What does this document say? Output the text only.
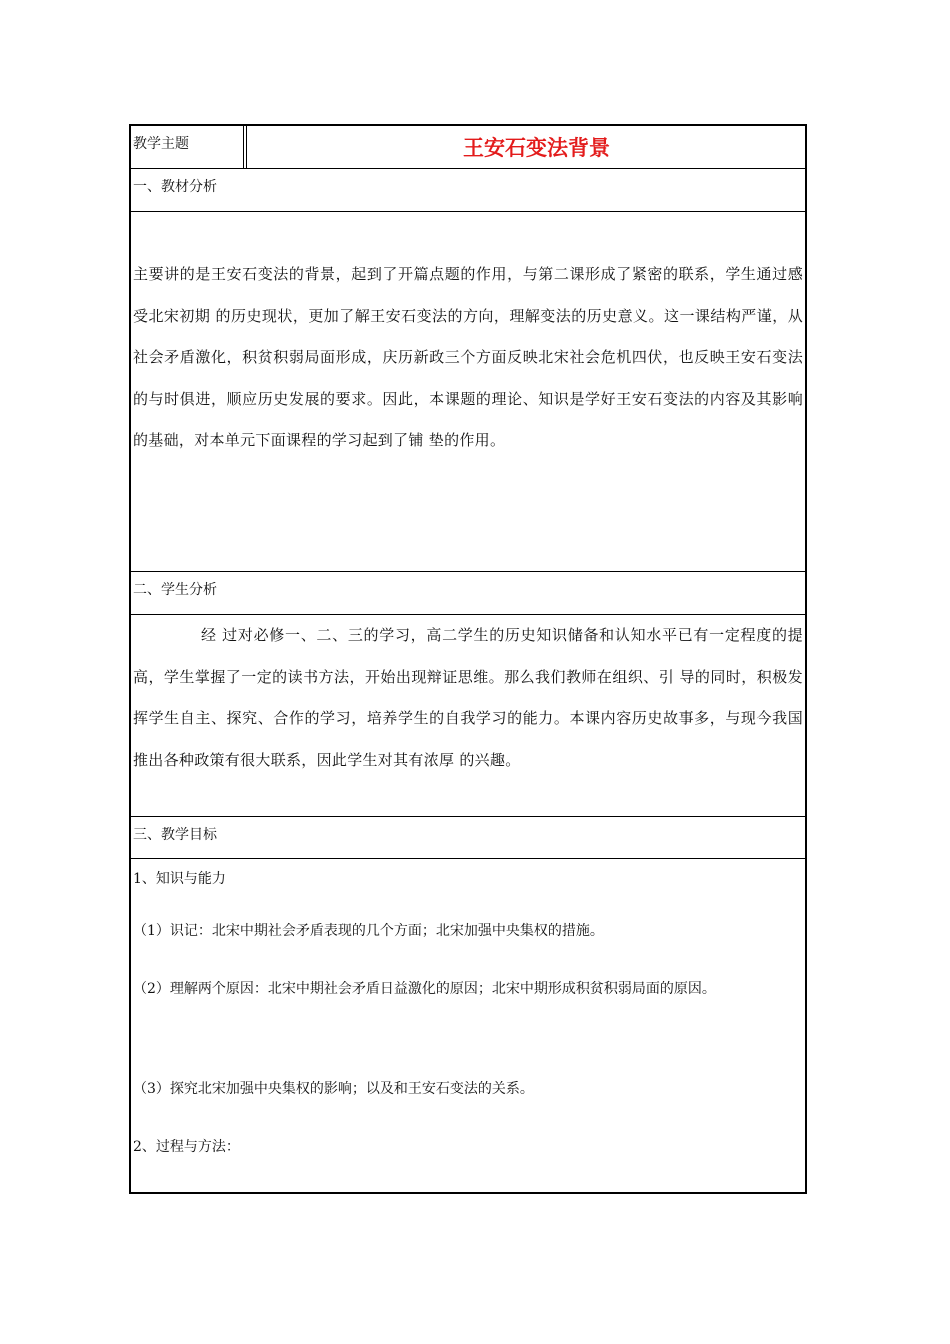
教学主题	王安石变法背景
一、教材分析
主要讲的是王安石变法的背景，起到了开篇点题的作用，与第二课形成了紧密的联系，学生通过感受北宋初期 的历史现状，更加了解王安石变法的方向，理解变法的历史意义。这一课结构严谨，从社会矛盾激化，积贫积弱局面形成，庆历新政三个方面反映北宋社会危机四伏，也反映王安石变法的与时俱进，顺应历史发展的要求。因此，本课题的理论、知识是学好王安石变法的内容及其影响的基础，对本单元下面课程的学习起到了铺 垫的作用。
二、学生分析
经 过对必修一、二、三的学习，高二学生的历史知识储备和认知水平已有一定程度的提高，学生掌握了一定的读书方法，开始出现辩证思维。那么我们教师在组织、引 导的同时，积极发挥学生自主、探究、合作的学习，培养学生的自我学习的能力。本课内容历史故事多，与现今我国推出各种政策有很大联系，因此学生对其有浓厚 的兴趣。
三、教学目标
1、知识与能力
（1）识记：北宋中期社会矛盾表现的几个方面；北宋加强中央集权的措施。
（2）理解两个原因：北宋中期社会矛盾日益激化的原因；北宋中期形成积贫积弱局面的原因。
（3）探究北宋加强中央集权的影响；以及和王安石变法的关系。
2、过程与方法：
